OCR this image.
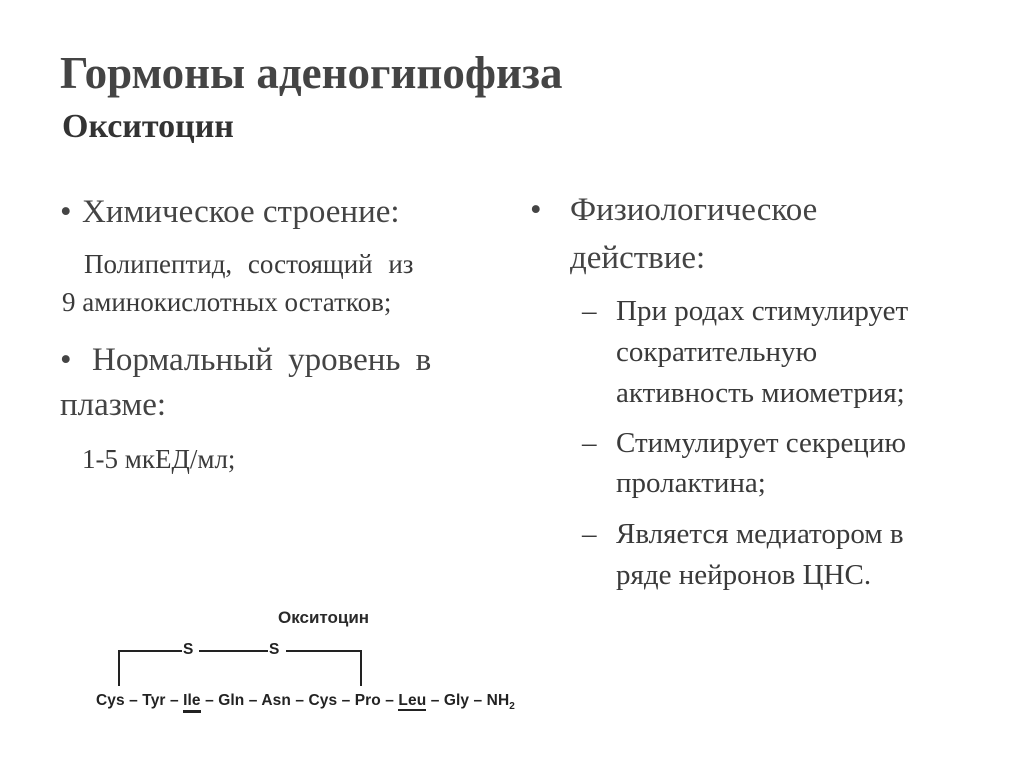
Гормоны аденогипофиза
Окситоцин
• Химическое строение:
Полипептид, состоящий из
9 аминокислотных остатков;
• Нормальный уровень в
плазме:
1-5 мкЕД/мл;
• Физиологическое
действие:
– При родах стимулирует
сократительную
активность миометрия;
– Стимулирует секрецию
пролактина;
– Является медиатором в
ряде нейронов ЦНС.
Окситоцин
S	S
Cys – Tyr – Ile – Gln – Asn – Cys – Pro – Leu – Gly – $NH_2$
